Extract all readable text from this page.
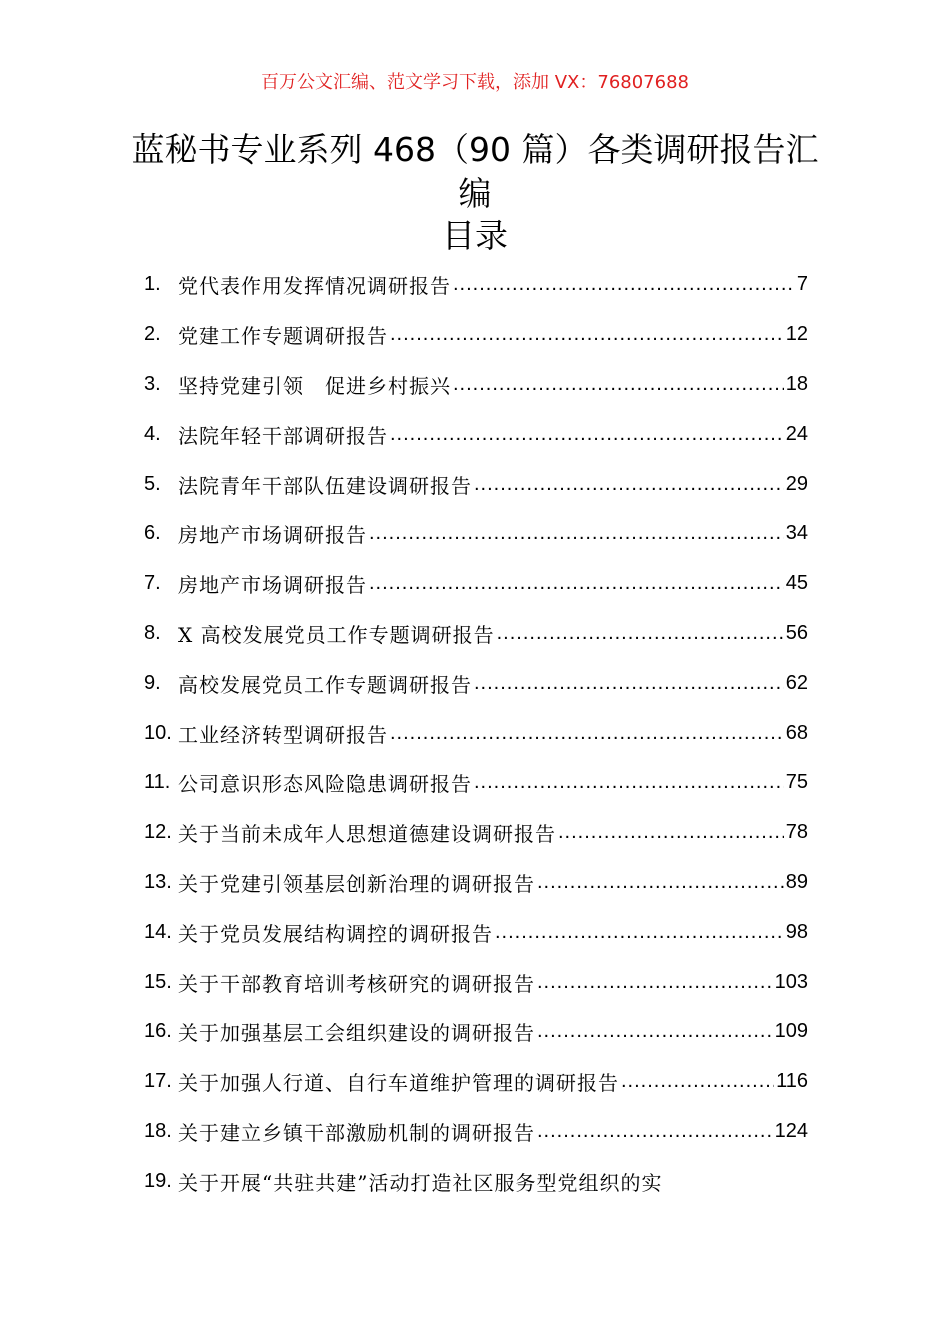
百万公文汇编、范文学习下载，添加 VX：76807688
蓝秘书专业系列 468（90 篇）各类调研报告汇编
目录
1. 党代表作用发挥情况调研报告 .....	7
2. 党建工作专题调研报告 .....	12
3. 坚持党建引领　促进乡村振兴 .....	18
4. 法院年轻干部调研报告 .....	24
5. 法院青年干部队伍建设调研报告 .....	29
6. 房地产市场调研报告 .....	34
7. 房地产市场调研报告 .....	45
8. X 高校发展党员工作专题调研报告 .....	56
9. 高校发展党员工作专题调研报告 .....	62
10. 工业经济转型调研报告 .....	68
11. 公司意识形态风险隐患调研报告 .....	75
12. 关于当前未成年人思想道德建设调研报告 .....	78
13. 关于党建引领基层创新治理的调研报告 .....	89
14. 关于党员发展结构调控的调研报告 .....	98
15. 关于干部教育培训考核研究的调研报告 .....	103
16. 关于加强基层工会组织建设的调研报告 .....	109
17. 关于加强人行道、自行车道维护管理的调研报告 .....	116
18. 关于建立乡镇干部激励机制的调研报告 .....	124
19. 关于开展“共驻共建”活动打造社区服务型党组织的实
